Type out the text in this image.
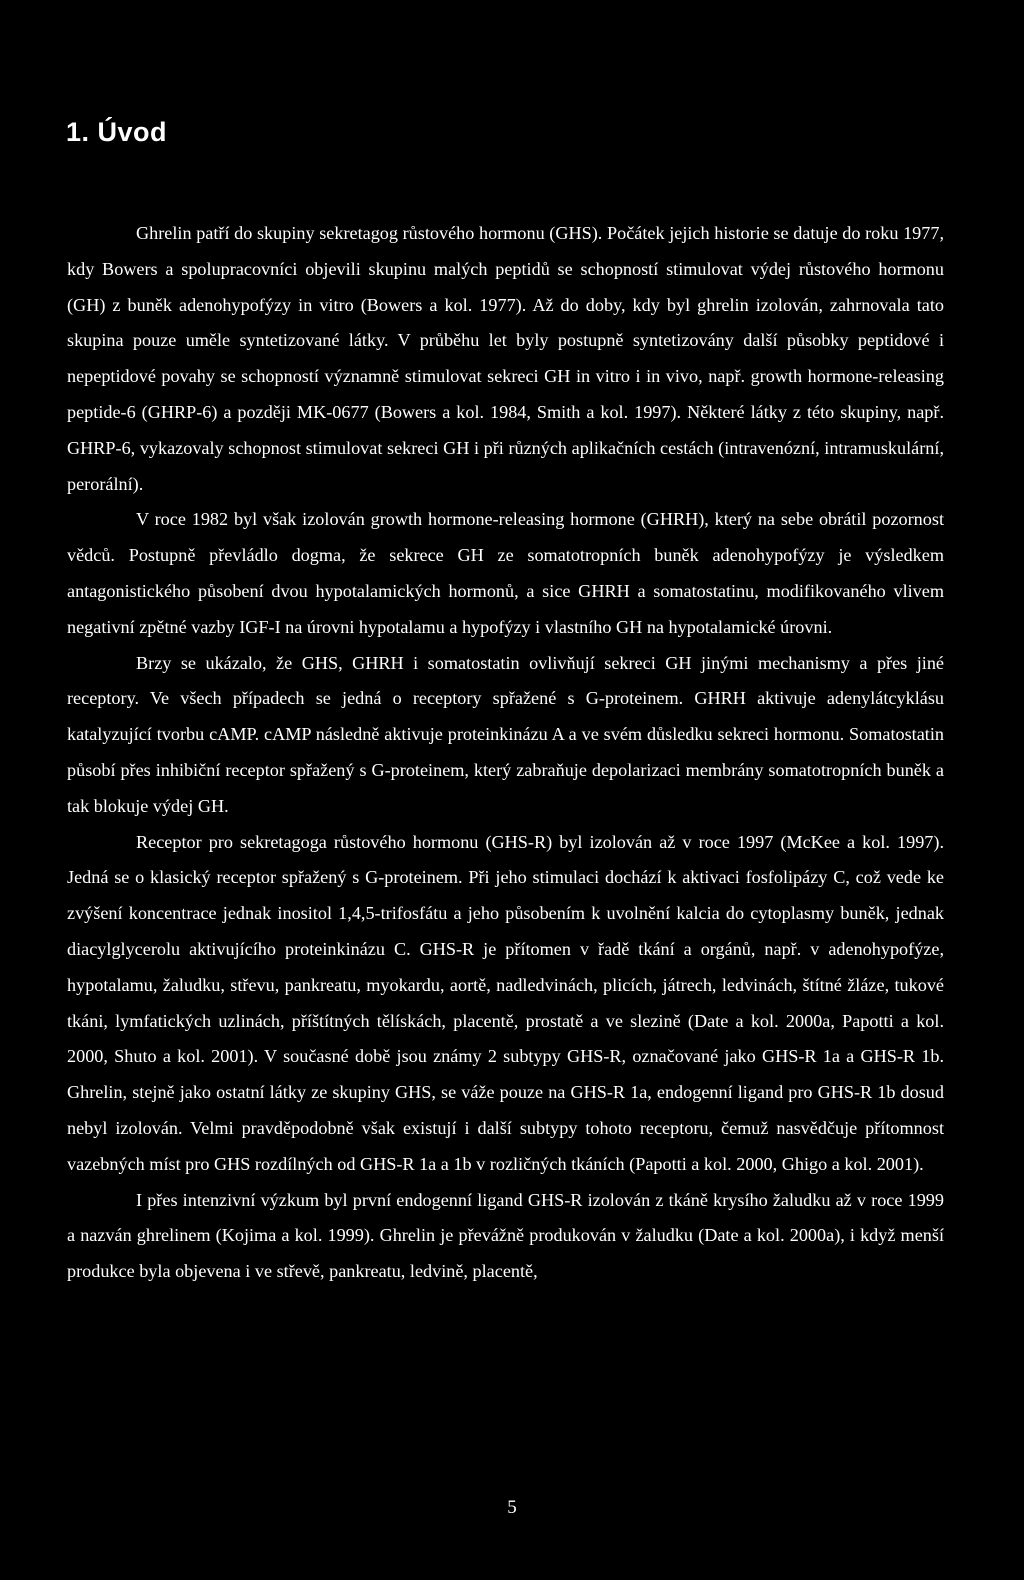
1. Úvod

Ghrelin patří do skupiny sekretagog růstového hormonu (GHS). Počátek jejich historie se datuje do roku 1977, kdy Bowers a spolupracovníci objevili skupinu malých peptidů se schopností stimulovat výdej růstového hormonu (GH) z buněk adenohypofýzy in vitro (Bowers a kol. 1977). Až do doby, kdy byl ghrelin izolován, zahrnovala tato skupina pouze uměle syntetizované látky. V průběhu let byly postupně syntetizovány další působky peptidové i nepeptidové povahy se schopností významně stimulovat sekreci GH in vitro i in vivo, např. growth hormone-releasing peptide-6 (GHRP-6) a později MK-0677 (Bowers a kol. 1984, Smith a kol. 1997). Některé látky z této skupiny, např. GHRP-6, vykazovaly schopnost stimulovat sekreci GH i při různých aplikačních cestách (intravenózní, intramuskulární, perorální).

V roce 1982 byl však izolován growth hormone-releasing hormone (GHRH), který na sebe obrátil pozornost vědců. Postupně převládlo dogma, že sekrece GH ze somatotropních buněk adenohypofýzy je výsledkem antagonistického působení dvou hypotalamických hormonů, a sice GHRH a somatostatinu, modifikovaného vlivem negativní zpětné vazby IGF-I na úrovni hypotalamu a hypofýzy i vlastního GH na hypotalamické úrovni.

Brzy se ukázalo, že GHS, GHRH i somatostatin ovlivňují sekreci GH jinými mechanismy a přes jiné receptory. Ve všech případech se jedná o receptory spřažené s G-proteinem. GHRH aktivuje adenylátcyklásu katalyzující tvorbu cAMP. cAMP následně aktivuje proteinkinázu A a ve svém důsledku sekreci hormonu. Somatostatin působí přes inhibiční receptor spřažený s G-proteinem, který zabraňuje depolarizaci membrány somatotropních buněk a tak blokuje výdej GH.

Receptor pro sekretagoga růstového hormonu (GHS-R) byl izolován až v roce 1997 (McKee a kol. 1997). Jedná se o klasický receptor spřažený s G-proteinem. Při jeho stimulaci dochází k aktivaci fosfolipázy C, což vede ke zvýšení koncentrace jednak inositol 1,4,5-trifosfátu a jeho působením k uvolnění kalcia do cytoplasmy buněk, jednak diacylglycerolu aktivujícího proteinkinázu C. GHS-R je přítomen v řadě tkání a orgánů, např. v adenohypofýze, hypotalamu, žaludku, střevu, pankreatu, myokardu, aortě, nadledvinách, plicích, játrech, ledvinách, štítné žláze, tukové tkáni, lymfatických uzlinách, příštítných tělískách, placentě, prostatě a ve slezině (Date a kol. 2000a, Papotti a kol. 2000, Shuto a kol. 2001). V současné době jsou známy 2 subtypy GHS-R, označované jako GHS-R 1a a GHS-R 1b. Ghrelin, stejně jako ostatní látky ze skupiny GHS, se váže pouze na GHS-R 1a, endogenní ligand pro GHS-R 1b dosud nebyl izolován. Velmi pravděpodobně však existují i další subtypy tohoto receptoru, čemuž nasvědčuje přítomnost vazebných míst pro GHS rozdílných od GHS-R 1a a 1b v rozličných tkáních (Papotti a kol. 2000, Ghigo a kol. 2001).

I přes intenzivní výzkum byl první endogenní ligand GHS-R izolován z tkáně krysího žaludku až v roce 1999 a nazván ghrelinem (Kojima a kol. 1999). Ghrelin je převážně produkován v žaludku (Date a kol. 2000a), i když menší produkce byla objevena i ve střevě, pankreatu, ledvině, placentě,

5
